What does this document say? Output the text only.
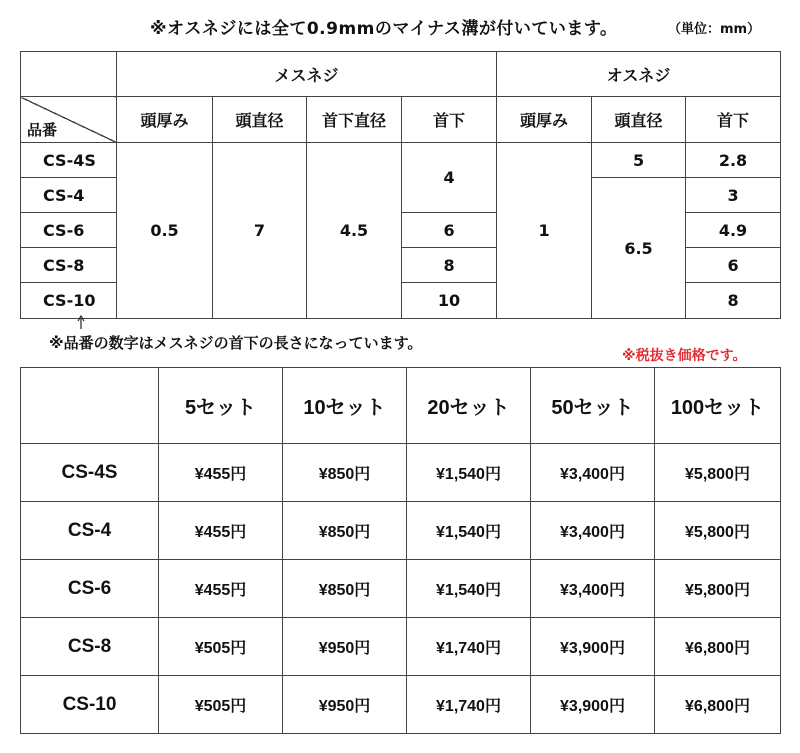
※オスネジには全て0.9mmのマイナス溝が付いています。	（単位：mm）
	メスネジ				オスネジ		

品番	頭厚み	頭直径	首下直径	首下	頭厚み	頭直径	首下
CS-4S	0.5	7	4.5	4	1	5	2.8
CS-4						6.5	3
CS-6				6			4.9
CS-8				8			6
CS-10				10			8
※品番の数字はメスネジの首下の長さになっています。
※税抜き価格です。
	5セット	10セット	20セット	50セット	100セット
CS-4S	¥455円	¥850円	¥1,540円	¥3,400円	¥5,800円
CS-4	¥455円	¥850円	¥1,540円	¥3,400円	¥5,800円
CS-6	¥455円	¥850円	¥1,540円	¥3,400円	¥5,800円
CS-8	¥505円	¥950円	¥1,740円	¥3,900円	¥6,800円
CS-10	¥505円	¥950円	¥1,740円	¥3,900円	¥6,800円
